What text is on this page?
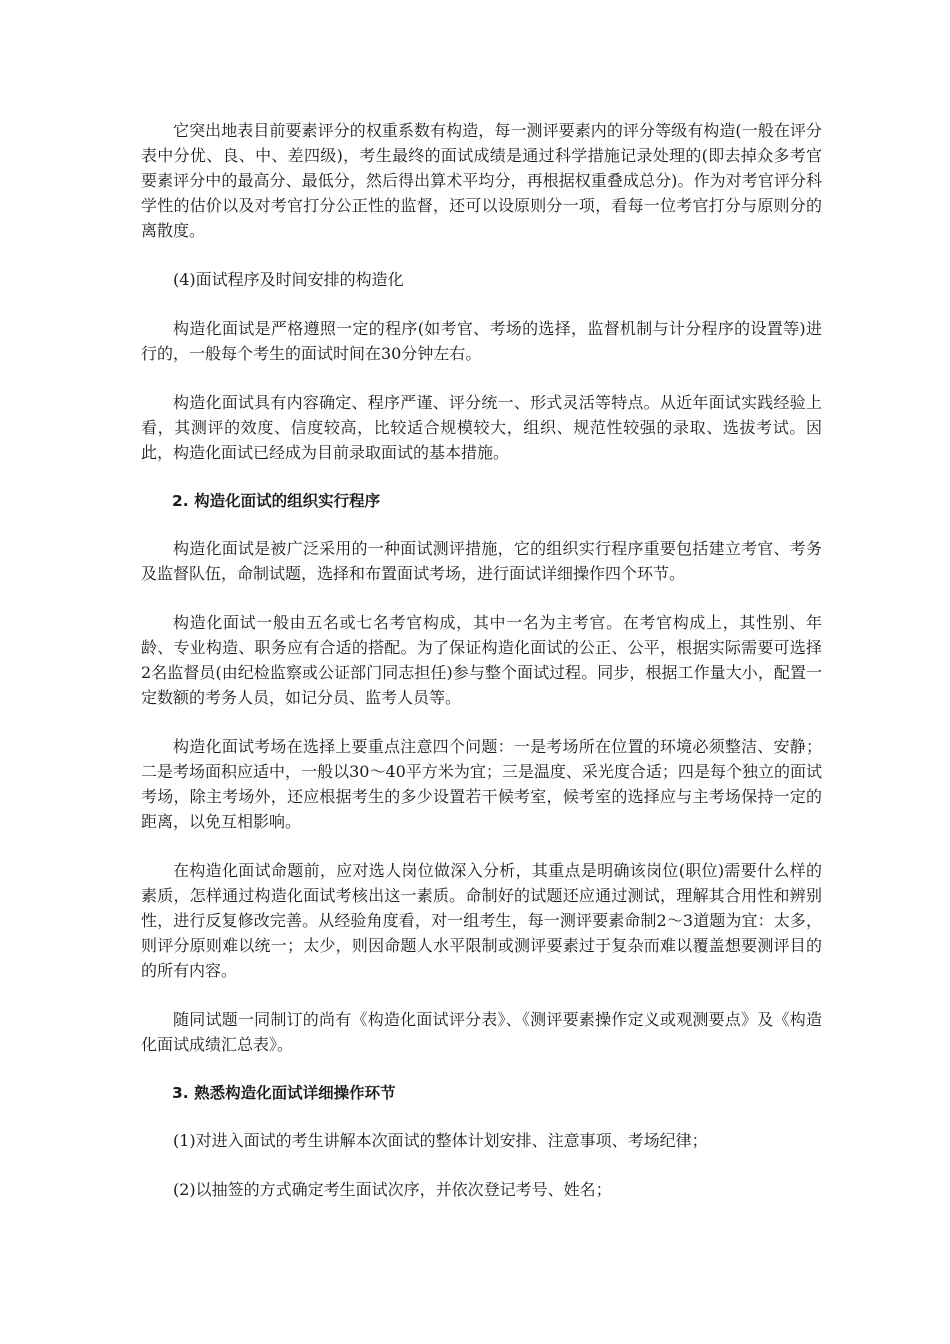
它突出地表目前要素评分的权重系数有构造，每一测评要素内的评分等级有构造(一般在评分表中分优、良、中、差四级)，考生最终的面试成绩是通过科学措施记录处理的(即去掉众多考官要素评分中的最高分、最低分，然后得出算术平均分，再根据权重叠成总分)。作为对考官评分科学性的估价以及对考官打分公正性的监督，还可以设原则分一项，看每一位考官打分与原则分的离散度。

(4)面试程序及时间安排的构造化

构造化面试是严格遵照一定的程序(如考官、考场的选择，监督机制与计分程序的设置等)进行的，一般每个考生的面试时间在30分钟左右。

构造化面试具有内容确定、程序严谨、评分统一、形式灵活等特点。从近年面试实践经验上看，其测评的效度、信度较高，比较适合规模较大，组织、规范性较强的录取、选拔考试。因此，构造化面试已经成为目前录取面试的基本措施。

2. 构造化面试的组织实行程序

构造化面试是被广泛采用的一种面试测评措施，它的组织实行程序重要包括建立考官、考务及监督队伍，命制试题，选择和布置面试考场，进行面试详细操作四个环节。

构造化面试一般由五名或七名考官构成，其中一名为主考官。在考官构成上，其性别、年龄、专业构造、职务应有合适的搭配。为了保证构造化面试的公正、公平，根据实际需要可选择2名监督员(由纪检监察或公证部门同志担任)参与整个面试过程。同步，根据工作量大小，配置一定数额的考务人员，如记分员、监考人员等。

构造化面试考场在选择上要重点注意四个问题：一是考场所在位置的环境必须整洁、安静；二是考场面积应适中，一般以30～40平方米为宜；三是温度、采光度合适；四是每个独立的面试考场，除主考场外，还应根据考生的多少设置若干候考室，候考室的选择应与主考场保持一定的距离，以免互相影响。

在构造化面试命题前，应对选人岗位做深入分析，其重点是明确该岗位(职位)需要什么样的素质，怎样通过构造化面试考核出这一素质。命制好的试题还应通过测试，理解其合用性和辨别性，进行反复修改完善。从经验角度看，对一组考生，每一测评要素命制2～3道题为宜：太多，则评分原则难以统一；太少，则因命题人水平限制或测评要素过于复杂而难以覆盖想要测评目的的所有内容。

随同试题一同制订的尚有《构造化面试评分表》、《测评要素操作定义或观测要点》及《构造化面试成绩汇总表》。

3. 熟悉构造化面试详细操作环节

(1)对进入面试的考生讲解本次面试的整体计划安排、注意事项、考场纪律；

(2)以抽签的方式确定考生面试次序，并依次登记考号、姓名；
